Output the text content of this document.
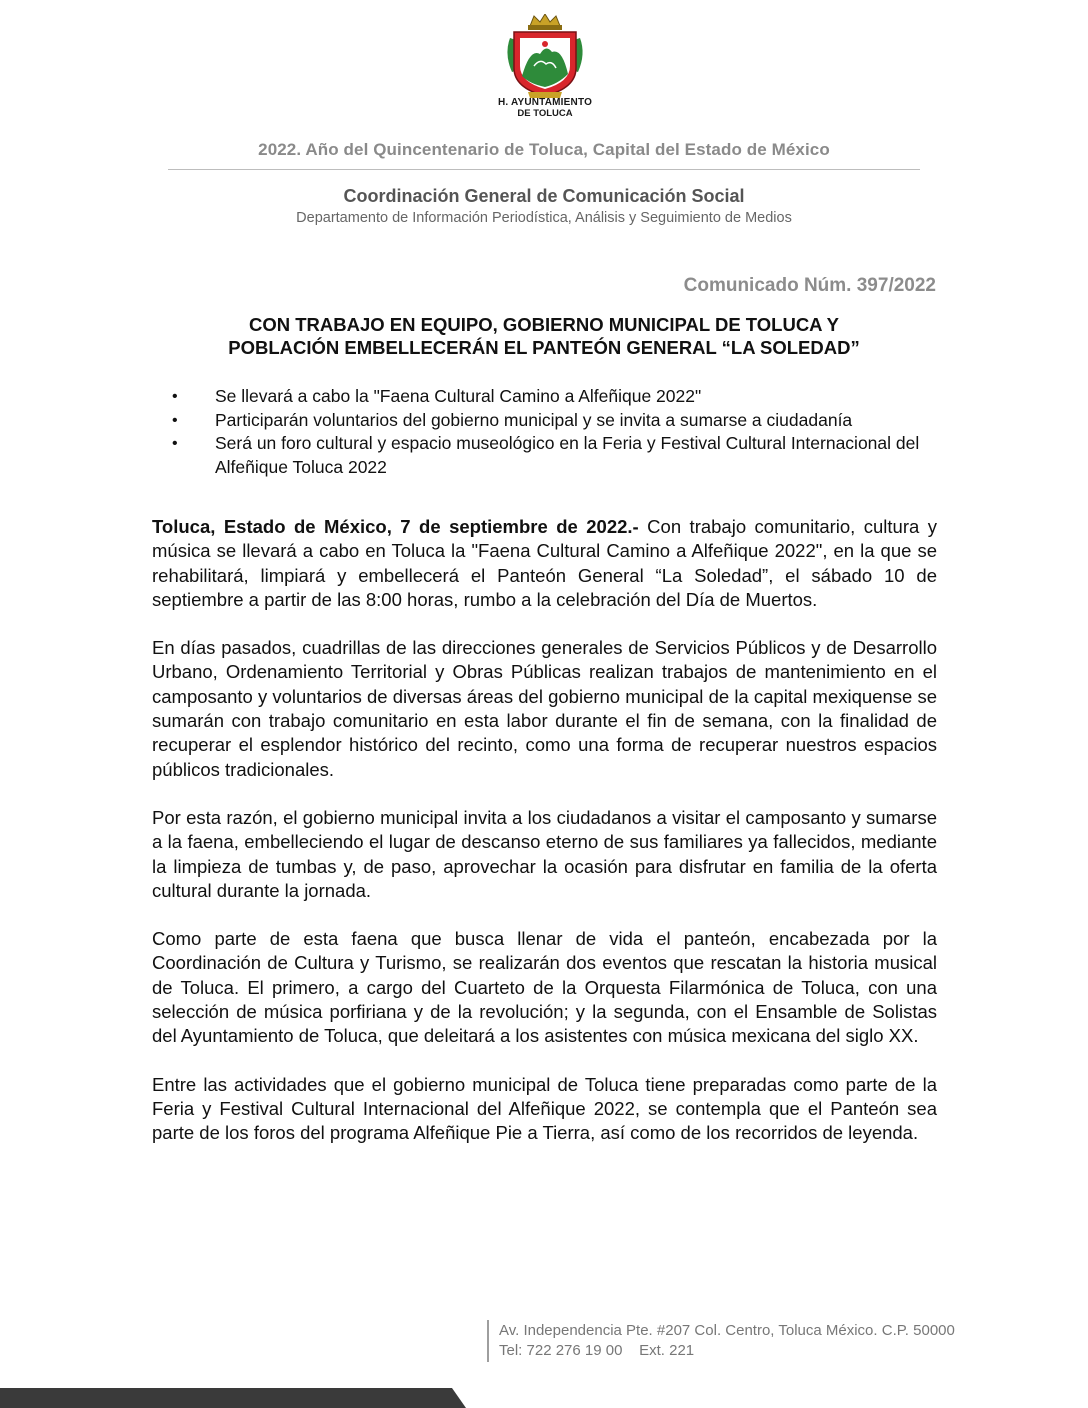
H. AYUNTAMIENTO
DE TOLUCA
2022. Año del Quincentenario de Toluca, Capital del Estado de México
Coordinación General de Comunicación Social
Departamento de Información Periodística, Análisis y Seguimiento de Medios
Comunicado Núm. 397/2022
CON TRABAJO EN EQUIPO, GOBIERNO MUNICIPAL DE TOLUCA Y
POBLACIÓN EMBELLECERÁN EL PANTEÓN GENERAL “LA SOLEDAD”
• Se llevará a cabo la "Faena Cultural Camino a Alfeñique 2022"
• Participarán voluntarios del gobierno municipal y se invita a sumarse a ciudadanía
• Será un foro cultural y espacio museológico en la Feria y Festival Cultural Internacional del Alfeñique Toluca 2022

Toluca, Estado de México, 7 de septiembre de 2022.- Con trabajo comunitario, cultura y música se llevará a cabo en Toluca la "Faena Cultural Camino a Alfeñique 2022", en la que se rehabilitará, limpiará y embellecerá el Panteón General “La Soledad”, el sábado 10 de septiembre a partir de las 8:00 horas, rumbo a la celebración del Día de Muertos.

En días pasados, cuadrillas de las direcciones generales de Servicios Públicos y de Desarrollo Urbano, Ordenamiento Territorial y Obras Públicas realizan trabajos de mantenimiento en el camposanto y voluntarios de diversas áreas del gobierno municipal de la capital mexiquense se sumarán con trabajo comunitario en esta labor durante el fin de semana, con la finalidad de recuperar el esplendor histórico del recinto, como una forma de recuperar nuestros espacios públicos tradicionales.

Por esta razón, el gobierno municipal invita a los ciudadanos a visitar el camposanto y sumarse a la faena, embelleciendo el lugar de descanso eterno de sus familiares ya fallecidos, mediante la limpieza de tumbas y, de paso, aprovechar la ocasión para disfrutar en familia de la oferta cultural durante la jornada.

Como parte de esta faena que busca llenar de vida el panteón, encabezada por la Coordinación de Cultura y Turismo, se realizarán dos eventos que rescatan la historia musical de Toluca. El primero, a cargo del Cuarteto de la Orquesta Filarmónica de Toluca, con una selección de música porfiriana y de la revolución; y la segunda, con el Ensamble de Solistas del Ayuntamiento de Toluca, que deleitará a los asistentes con música mexicana del siglo XX.

Entre las actividades que el gobierno municipal de Toluca tiene preparadas como parte de la Feria y Festival Cultural Internacional del Alfeñique 2022, se contempla que el Panteón sea parte de los foros del programa Alfeñique Pie a Tierra, así como de los recorridos de leyenda.

Av. Independencia Pte. #207 Col. Centro, Toluca México. C.P. 50000
Tel: 722 276 19 00    Ext. 221
